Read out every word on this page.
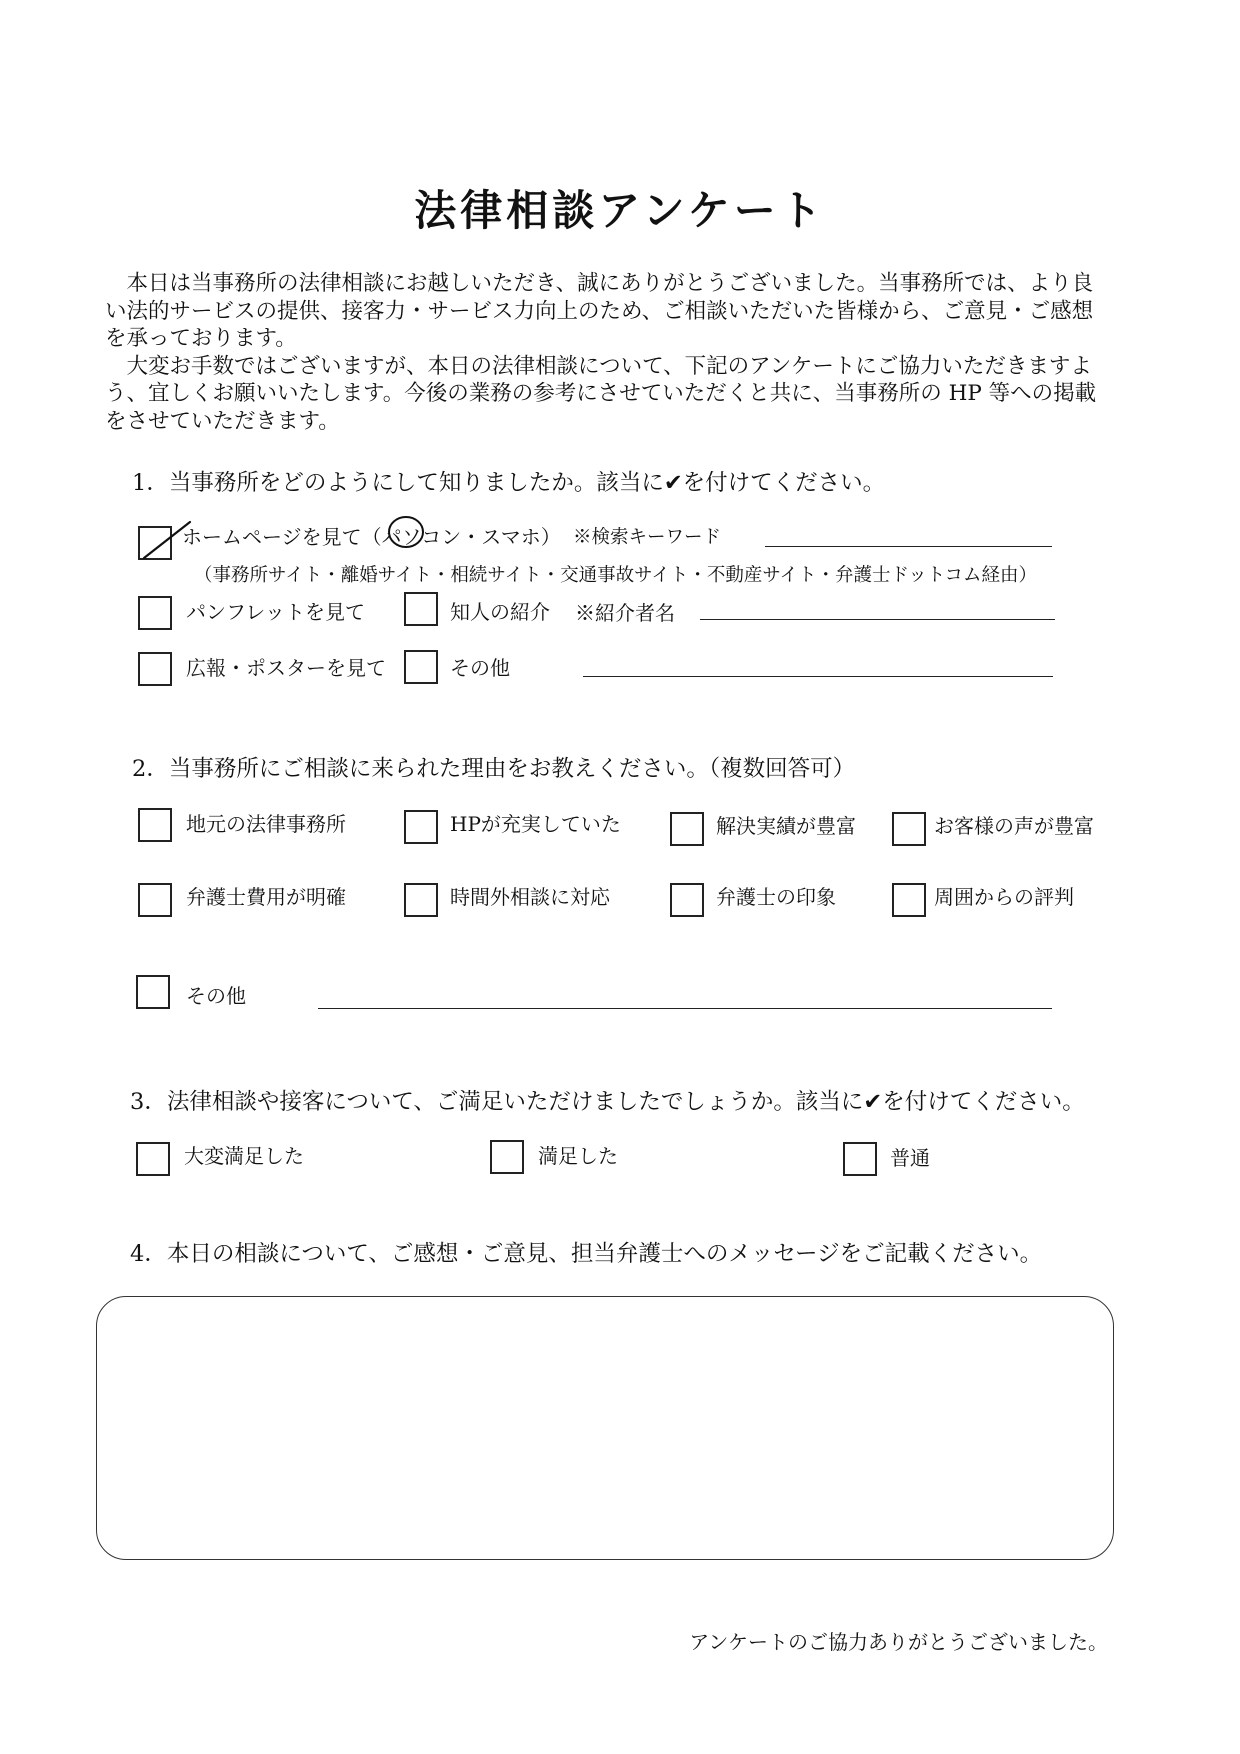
法律相談アンケート

本日は当事務所の法律相談にお越しいただき、誠にありがとうございました。当事務所では、より良い法的サービスの提供、接客力・サービス力向上のため、ご相談いただいた皆様から、ご意見・ご感想を承っております。

大変お手数ではございますが、本日の法律相談について、下記のアンケートにご協力いただきますよう、宜しくお願いいたします。今後の業務の参考にさせていただくと共に、当事務所の HP 等への掲載をさせていただきます。

1．当事務所をどのようにして知りましたか。該当に✔を付けてください。
ホームページを見て（パソコン・スマホ） ※検索キーワード
（事務所サイト・離婚サイト・相続サイト・交通事故サイト・不動産サイト・弁護士ドットコム経由）
パンフレットを見て	知人の紹介 ※紹介者名
広報・ポスターを見て	その他
2．当事務所にご相談に来られた理由をお教えください。（複数回答可）
地元の法律事務所	HPが充実していた	解決実績が豊富	お客様の声が豊富
弁護士費用が明確	時間外相談に対応	弁護士の印象	周囲からの評判
その他
3．法律相談や接客について、ご満足いただけましたでしょうか。該当に✔を付けてください。
大変満足した	満足した	普通
4．本日の相談について、ご感想・ご意見、担当弁護士へのメッセージをご記載ください。
アンケートのご協力ありがとうございました。
